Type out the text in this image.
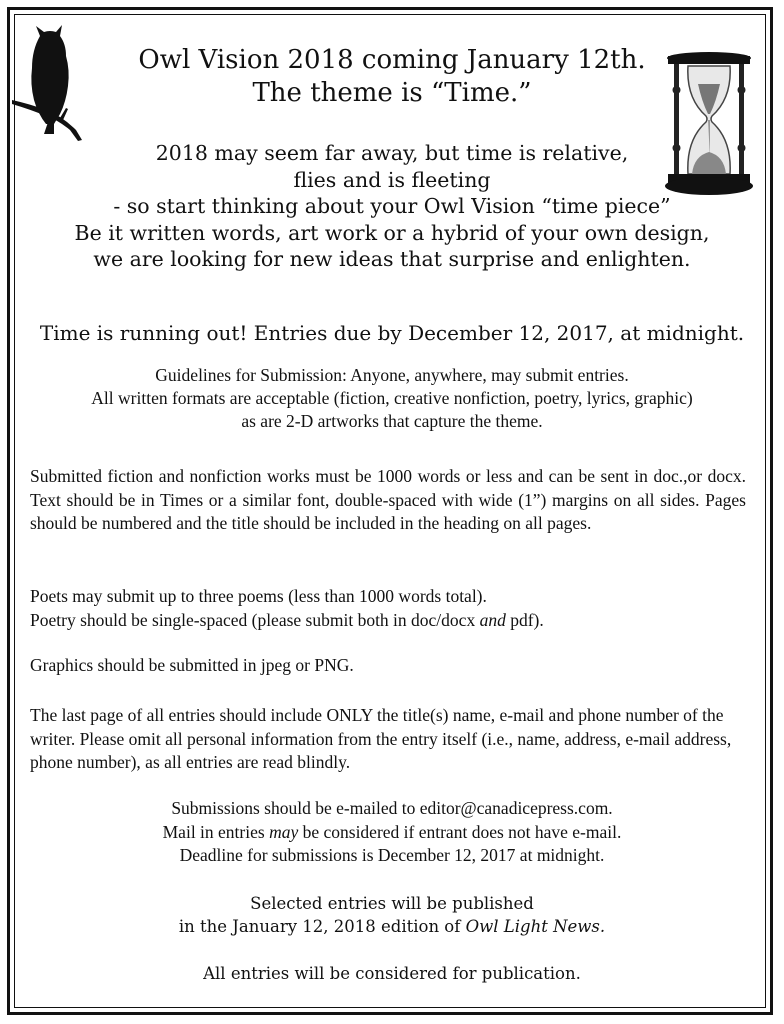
Owl Vision 2018 coming January 12th.
The theme is “Time.”
2018 may seem far away, but time is relative,
flies and is fleeting
- so start thinking about your Owl Vision “time piece”
Be it written words, art work or a hybrid of your own design,
we are looking for new ideas that surprise and enlighten.
Time is running out! Entries due by December 12, 2017, at midnight.
Guidelines for Submission: Anyone, anywhere, may submit entries.
All written formats are acceptable (fiction, creative nonfiction, poetry, lyrics, graphic)
as are 2-D artworks that capture the theme.

Submitted fiction and nonfiction works must be 1000 words or less and can be sent in doc.,or docx. Text should be in Times or a similar font, double-spaced with wide (1”) margins on all sides. Pages should be numbered and the title should be included in the heading on all pages.

Poets may submit up to three poems (less than 1000 words total).
Poetry should be single-spaced (please submit both in doc/docx and pdf).

Graphics should be submitted in jpeg or PNG.

The last page of all entries should include ONLY the title(s) name, e-mail and phone number of the writer. Please omit all personal information from the entry itself (i.e., name, address, e-mail address, phone number), as all entries are read blindly.

Submissions should be e-mailed to editor@canadicepress.com.
Mail in entries may be considered if entrant does not have e-mail.
Deadline for submissions is December 12, 2017 at midnight.
Selected entries will be published
in the January 12, 2018 edition of Owl Light News.
All entries will be considered for publication.
